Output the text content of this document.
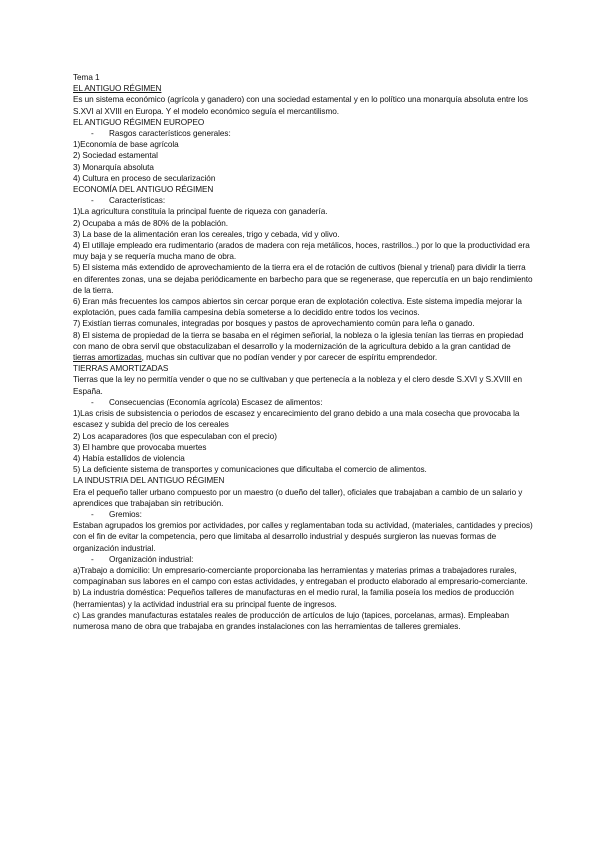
Tema 1
EL ANTIGUO RÉGIMEN
Es un sistema económico (agrícola y ganadero) con una sociedad estamental y en lo político una monarquía absoluta entre los S.XVI al XVIII en Europa. Y el modelo económico seguía el mercantilismo.
EL ANTIGUO RÉGIMEN EUROPEO
- Rasgos característicos generales:
1)Economía de base agrícola
2) Sociedad estamental
3) Monarquía absoluta
4) Cultura en proceso de secularización
ECONOMÍA DEL ANTIGUO RÉGIMEN
- Características:
1)La agricultura constituía la principal fuente de riqueza con ganadería.
2) Ocupaba a más de 80% de la población.
3) La base de la alimentación eran los cereales, trigo y cebada, vid y olivo.
4) El utillaje empleado era rudimentario (arados de madera con reja metálicos, hoces, rastrillos..) por lo que la productividad era muy baja y se requería mucha mano de obra.
5) El sistema más extendido de aprovechamiento de la tierra era el de rotación de cultivos (bienal y trienal) para dividir la tierra en diferentes zonas, una se dejaba periódicamente en barbecho para que se regenerase, que repercutía en un bajo rendimiento de la tierra.
6) Eran más frecuentes los campos abiertos sin cercar porque eran de explotación colectiva. Este sistema impedía mejorar la explotación, pues cada familia campesina debía someterse a lo decidido entre todos los vecinos.
7) Existían tierras comunales, integradas por bosques y pastos de aprovechamiento común para leña o ganado.
8) El sistema de propiedad de la tierra se basaba en el régimen señorial, la nobleza o la iglesia tenían las tierras en propiedad con mano de obra servil que obstaculizaban el desarrollo y la modernización de la agricultura debido a la gran cantidad de tierras amortizadas, muchas sin cultivar que no podían vender y por carecer de espíritu emprendedor.
TIERRAS AMORTIZADAS
Tierras que la ley no permitía vender o que no se cultivaban y que pertenecía a la nobleza y el clero desde S.XVI y S.XVIII en España.
- Consecuencias (Economía agrícola) Escasez de alimentos:
1)Las crisis de subsistencia o periodos de escasez y encarecimiento del grano debido a una mala cosecha que provocaba la escasez y subida del precio de los cereales
2) Los acaparadores (los que especulaban con el precio)
3) El hambre que provocaba muertes
4) Había estallidos de violencia
5) La deficiente sistema de transportes y comunicaciones que dificultaba el comercio de alimentos.
LA INDUSTRIA DEL ANTIGUO RÉGIMEN
Era el pequeño taller urbano compuesto por un maestro (o dueño del taller), oficiales que trabajaban a cambio de un salario y aprendices que trabajaban sin retribución.
- Gremios:
Estaban agrupados los gremios por actividades, por calles y reglamentaban toda su actividad, (materiales, cantidades y precios) con el fin de evitar la competencia, pero que limitaba al desarrollo industrial y después surgieron las nuevas formas de organización industrial.
- Organización industrial:
a)Trabajo a domicilio: Un empresario-comerciante proporcionaba las herramientas y materias primas a trabajadores rurales, compaginaban sus labores en el campo con estas actividades, y entregaban el producto elaborado al empresario-comerciante.
b) La industria doméstica: Pequeños talleres de manufacturas en el medio rural, la familia poseía los medios de producción (herramientas) y la actividad industrial era su principal fuente de ingresos.
c) Las grandes manufacturas estatales reales de producción de artículos de lujo (tapices, porcelanas, armas). Empleaban numerosa mano de obra que trabajaba en grandes instalaciones con las herramientas de talleres gremiales.
